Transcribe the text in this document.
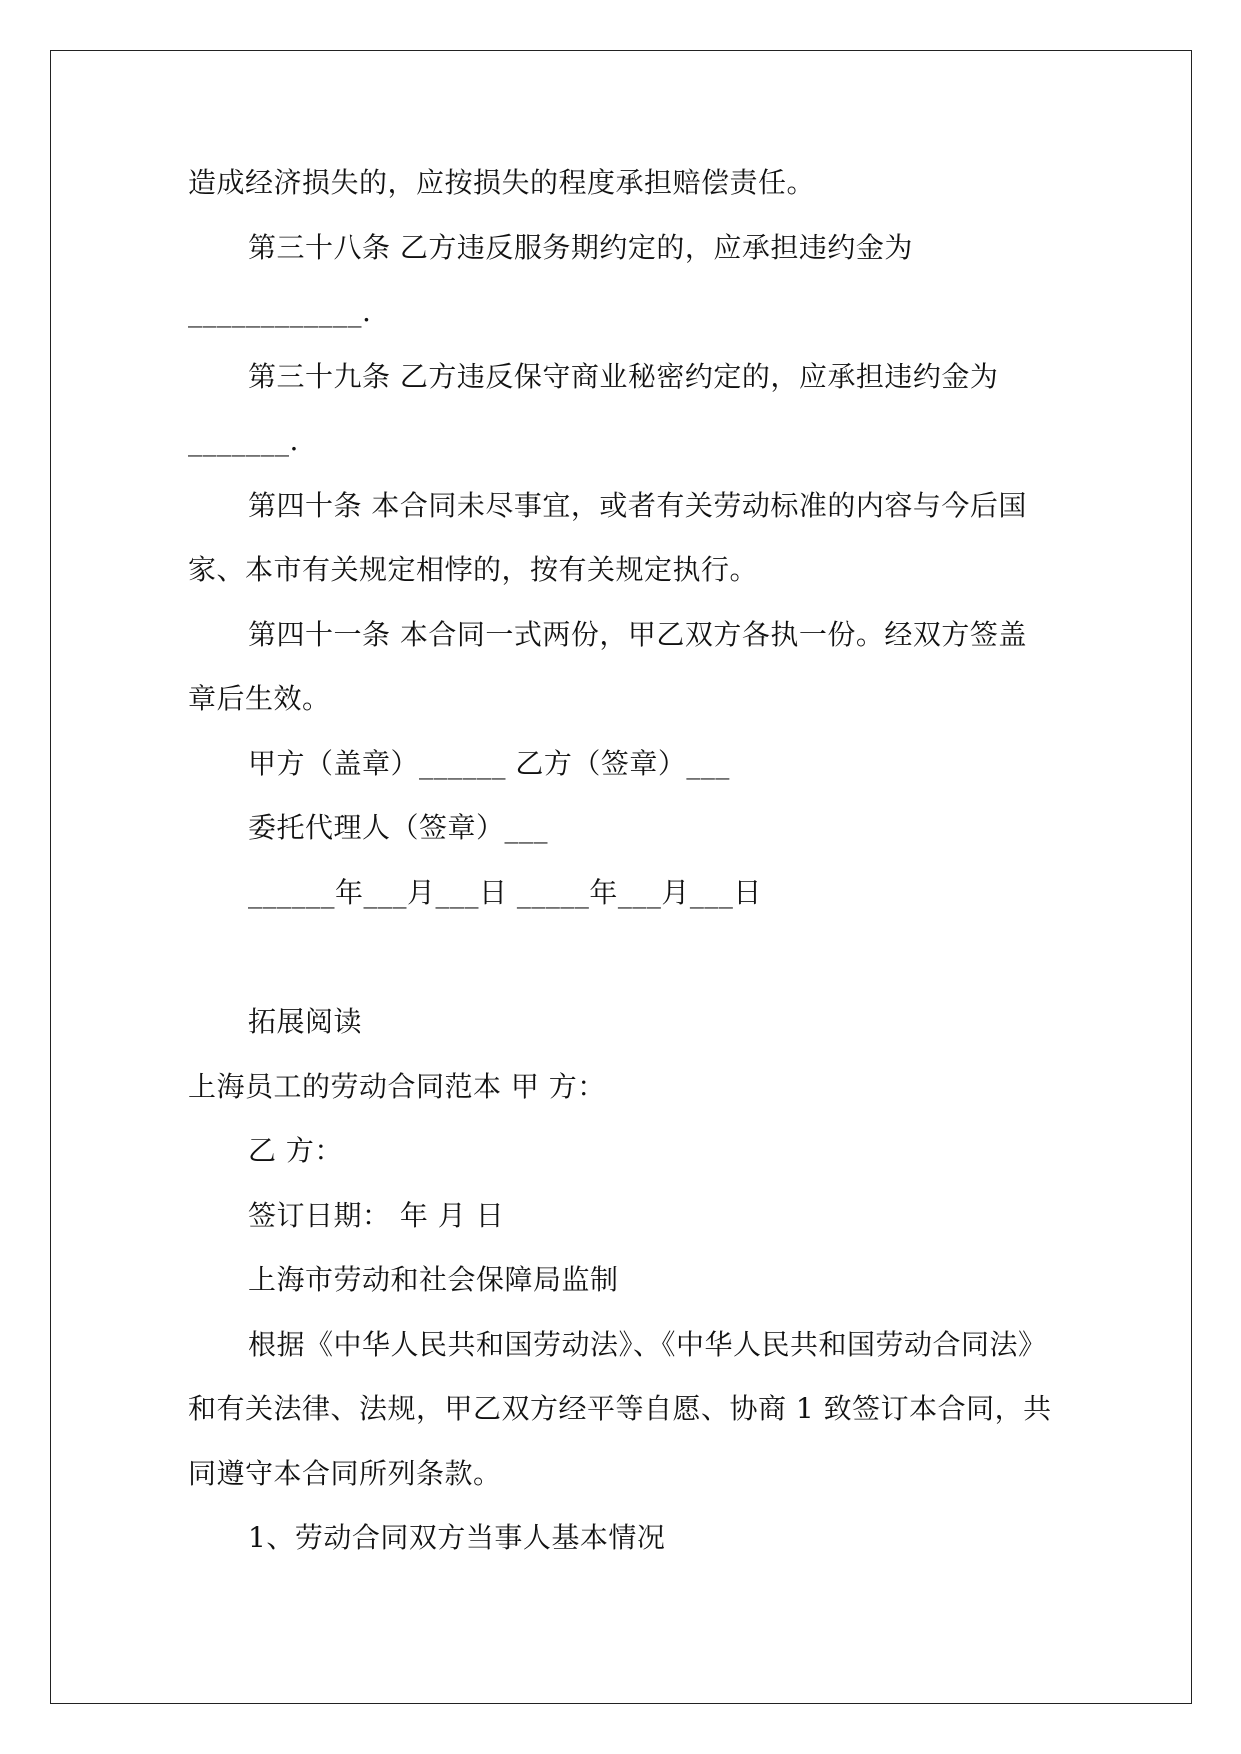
造成经济损失的，应按损失的程度承担赔偿责任。
第三十八条 乙方违反服务期约定的，应承担违约金为
____________.
第三十九条 乙方违反保守商业秘密约定的，应承担违约金为
_______.
第四十条 本合同未尽事宜，或者有关劳动标准的内容与今后国
家、本市有关规定相悖的，按有关规定执行。
第四十一条 本合同一式两份，甲乙双方各执一份。经双方签盖
章后生效。
甲方（盖章）______ 乙方（签章）___
委托代理人（签章）___
______年___月___日 _____年___月___日
拓展阅读
上海员工的劳动合同范本 甲 方：
乙 方：
签订日期： 年 月 日
上海市劳动和社会保障局监制
根据《中华人民共和国劳动法》、《中华人民共和国劳动合同法》
和有关法律、法规，甲乙双方经平等自愿、协商 1 致签订本合同，共
同遵守本合同所列条款。
1、劳动合同双方当事人基本情况
